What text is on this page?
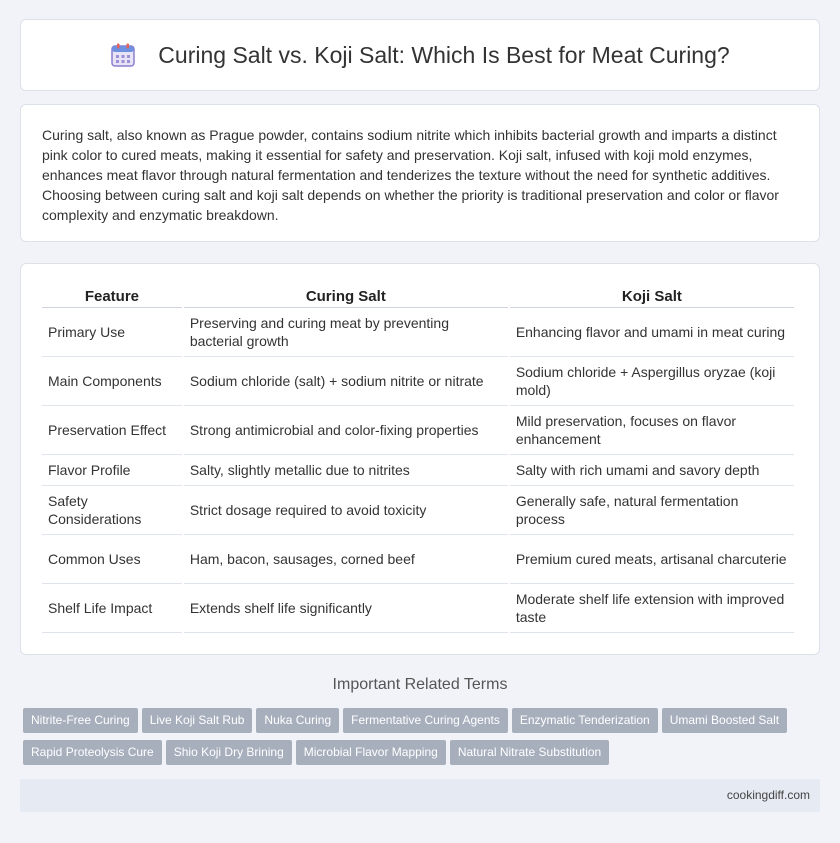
Curing Salt vs. Koji Salt: Which Is Best for Meat Curing?

Curing salt, also known as Prague powder, contains sodium nitrite which inhibits bacterial growth and imparts a distinct pink color to cured meats, making it essential for safety and preservation. Koji salt, infused with koji mold enzymes, enhances meat flavor through natural fermentation and tenderizes the texture without the need for synthetic additives. Choosing between curing salt and koji salt depends on whether the priority is traditional preservation and color or flavor complexity and enzymatic breakdown.

Feature	Curing Salt	Koji Salt
Primary Use	Preserving and curing meat by preventing bacterial growth	Enhancing flavor and umami in meat curing
Main Components	Sodium chloride (salt) + sodium nitrite or nitrate	Sodium chloride + Aspergillus oryzae (koji mold)
Preservation Effect	Strong antimicrobial and color-fixing properties	Mild preservation, focuses on flavor enhancement
Flavor Profile	Salty, slightly metallic due to nitrites	Salty with rich umami and savory depth
Safety Considerations	Strict dosage required to avoid toxicity	Generally safe, natural fermentation process
Common Uses	Ham, bacon, sausages, corned beef	Premium cured meats, artisanal charcuterie
Shelf Life Impact	Extends shelf life significantly	Moderate shelf life extension with improved taste
Important Related Terms
Nitrite-Free Curing Live Koji Salt Rub Nuka Curing Fermentative Curing Agents Enzymatic Tenderization Umami Boosted Salt
Rapid Proteolysis Cure Shio Koji Dry Brining Microbial Flavor Mapping Natural Nitrate Substitution
cookingdiff.com
